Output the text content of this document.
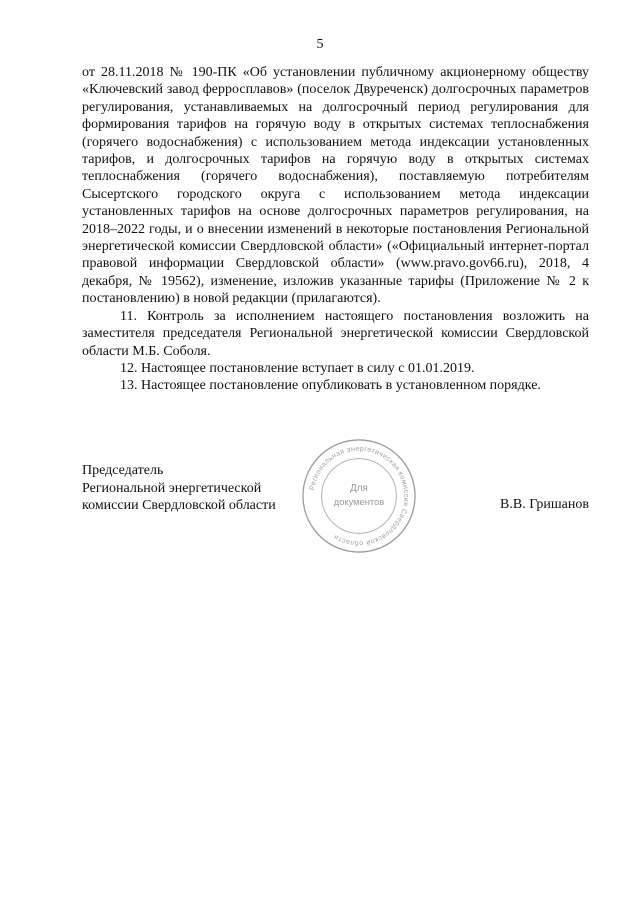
5

от 28.11.2018 № 190-ПК «Об установлении публичному акционерному обществу «Ключевский завод ферросплавов» (поселок Двуреченск) долгосрочных параметров регулирования, устанавливаемых на долгосрочный период регулирования для формирования тарифов на горячую воду в открытых системах теплоснабжения (горячего водоснабжения) с использованием метода индексации установленных тарифов, и долгосрочных тарифов на горячую воду в открытых системах теплоснабжения (горячего водоснабжения), поставляемую потребителям Сысертского городского округа с использованием метода индексации установленных тарифов на основе долгосрочных параметров регулирования, на 2018–2022 годы, и о внесении изменений в некоторые постановления Региональной энергетической комиссии Свердловской области» («Официальный интернет-портал правовой информации Свердловской области» (www.pravo.gov66.ru), 2018, 4 декабря, № 19562), изменение, изложив указанные тарифы (Приложение № 2 к постановлению) в новой редакции (прилагаются).

11. Контроль за исполнением настоящего постановления возложить на заместителя председателя Региональной энергетической комиссии Свердловской области М.Б. Соболя.

12. Настоящее постановление вступает в силу с 01.01.2019.

13. Настоящее постановление опубликовать в установленном порядке.

Председатель
Региональной энергетической
комиссии Свердловской области
Региональная энергетическая комиссия Свердловской области
Для
документов	В.В. Гришанов
